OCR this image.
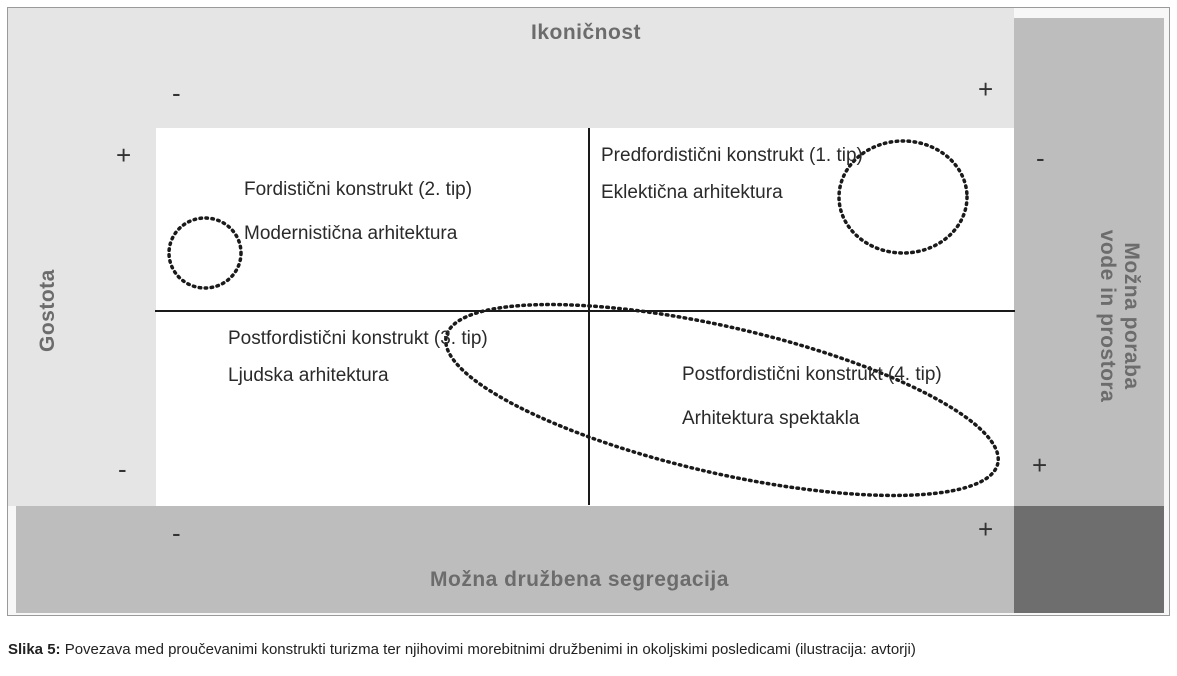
Ikoničnost
Možna družbena segregacija
Gostota	Možna poraba
vode in prostora
-	+
+
-
-
+
-	+
Fordistični konstrukt (2. tip)
Modernistična arhitektura
Predfordistični konstrukt (1. tip)
Eklektična arhitektura
Postfordistični konstrukt (3. tip)
Ljudska arhitektura	Postfordistični konstrukt (4. tip)
Arhitektura spektakla
Slika 5: Povezava med proučevanimi konstrukti turizma ter njihovimi morebitnimi družbenimi in okoljskimi posledicami (ilustracija: avtorji)
